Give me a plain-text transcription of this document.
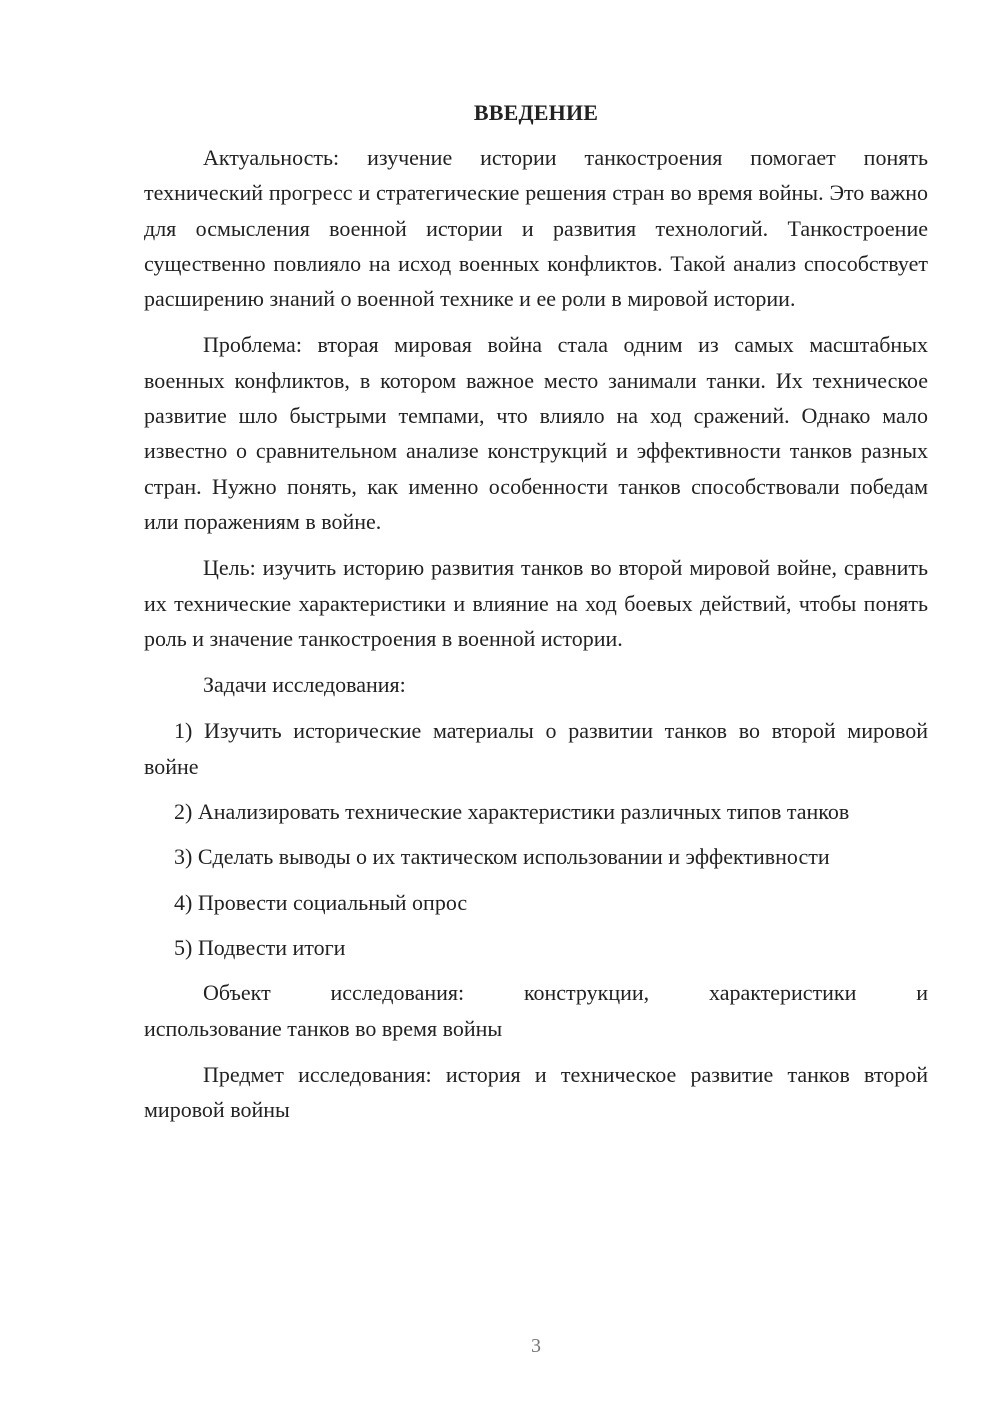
ВВЕДЕНИЕ

Актуальность: изучение истории танкостроения помогает понять технический прогресс и стратегические решения стран во время войны. Это важно для осмысления военной истории и развития технологий. Танкостроение существенно повлияло на исход военных конфликтов. Такой анализ способствует расширению знаний о военной технике и ее роли в мировой истории.

Проблема: вторая мировая война стала одним из самых масштабных военных конфликтов, в котором важное место занимали танки. Их техническое развитие шло быстрыми темпами, что влияло на ход сражений. Однако мало известно о сравнительном анализе конструкций и эффективности танков разных стран. Нужно понять, как именно особенности танков способствовали победам или поражениям в войне.

Цель: изучить историю развития танков во второй мировой войне, сравнить их технические характеристики и влияние на ход боевых действий, чтобы понять роль и значение танкостроения в военной истории.

Задачи исследования:

1) Изучить исторические материалы о развитии танков во второй мировой войне

2) Анализировать технические характеристики различных типов танков

3) Сделать выводы о их тактическом использовании и эффективности

4) Провести социальный опрос

5) Подвести итоги

Объект исследования: конструкции, характеристики и
использование танков во время войны

Предмет исследования: история и техническое развитие танков второй мировой войны

3
